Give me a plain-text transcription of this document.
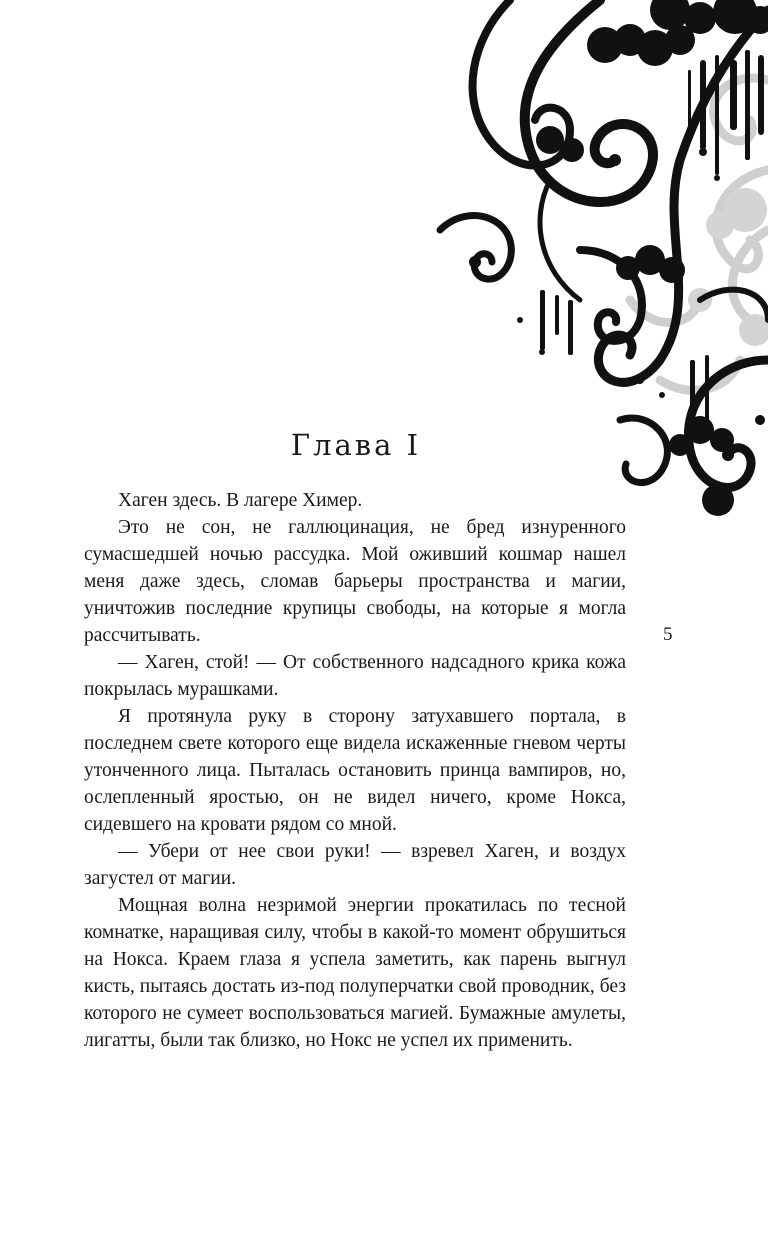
Глава I

Хаген здесь. В лагере Химер.

Это не сон, не галлюцинация, не бред изнуренного сумасшедшей ночью рассудка. Мой оживший кошмар нашел меня даже здесь, сломав барьеры пространства и магии, уничтожив последние крупицы свободы, на которые я могла рассчитывать.

— Хаген, стой! — От собственного надсадного крика кожа покрылась мурашками.

Я протянула руку в сторону затухавшего портала, в последнем свете которого еще видела искаженные гневом черты утонченного лица. Пыталась остановить принца вампиров, но, ослепленный яростью, он не видел ничего, кроме Нокса, сидевшего на кровати рядом со мной.

— Убери от нее свои руки! — взревел Хаген, и воздух загустел от магии.

Мощная волна незримой энергии прокатилась по тесной комнатке, наращивая силу, чтобы в какой-то момент обрушиться на Нокса. Краем глаза я успела заметить, как парень выгнул кисть, пытаясь достать из-под полуперчатки свой проводник, без которого не сумеет воспользоваться магией. Бумажные амулеты, лигатты, были так близко, но Нокс не успел их применить.

5
